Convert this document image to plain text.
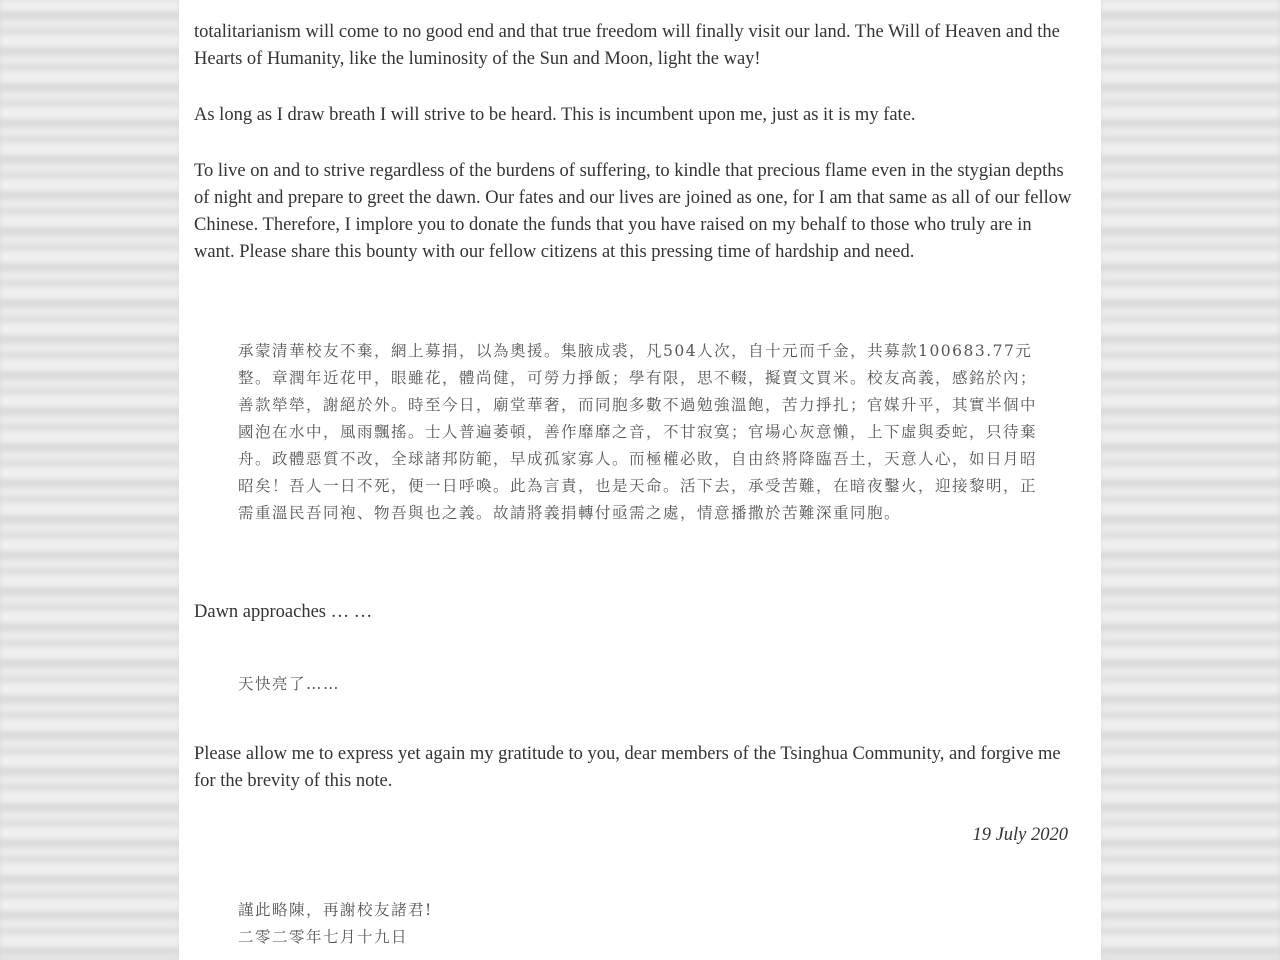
totalitarianism will come to no good end and that true freedom will finally visit our land. The Will of Heaven and the Hearts of Humanity, like the luminosity of the Sun and Moon, light the way!

As long as I draw breath I will strive to be heard. This is incumbent upon me, just as it is my fate.

To live on and to strive regardless of the burdens of suffering, to kindle that precious flame even in the stygian depths of night and prepare to greet the dawn. Our fates and our lives are joined as one, for I am that same as all of our fellow Chinese. Therefore, I implore you to donate the funds that you have raised on my behalf to those who truly are in want. Please share this bounty with our fellow citizens at this pressing time of hardship and need.

承蒙清華校友不棄，網上募捐，以為奧援。集腋成裘，凡504人次，自十元而千金，共募款100683.77元整。章潤年近花甲，眼雖花，體尚健，可勞力掙飯；學有限，思不輟，擬賣文買米。校友高義，感銘於內；善款犖犖，謝絕於外。時至今日，廟堂華奢，而同胞多數不過勉強溫飽，苦力掙扎；官媒升平，其實半個中國泡在水中，風雨飄搖。士人普遍萎頓，善作靡靡之音，不甘寂寞；官場心灰意懶，上下虛與委蛇，只待棄舟。政體惡質不改，全球諸邦防範，早成孤家寡人。而極權必敗，自由終將降臨吾土，天意人心，如日月昭昭矣！吾人一日不死，便一日呼喚。此為言責，也是天命。活下去，承受苦難，在暗夜鑿火，迎接黎明，正需重溫民吾同袍、物吾與也之義。故請將義捐轉付亟需之處，情意播撒於苦難深重同胞。

Dawn approaches … …

天快亮了……

Please allow me to express yet again my gratitude to you, dear members of the Tsinghua Community, and forgive me for the brevity of this note.

19 July 2020

謹此略陳，再謝校友諸君!

二零二零年七月十九日
